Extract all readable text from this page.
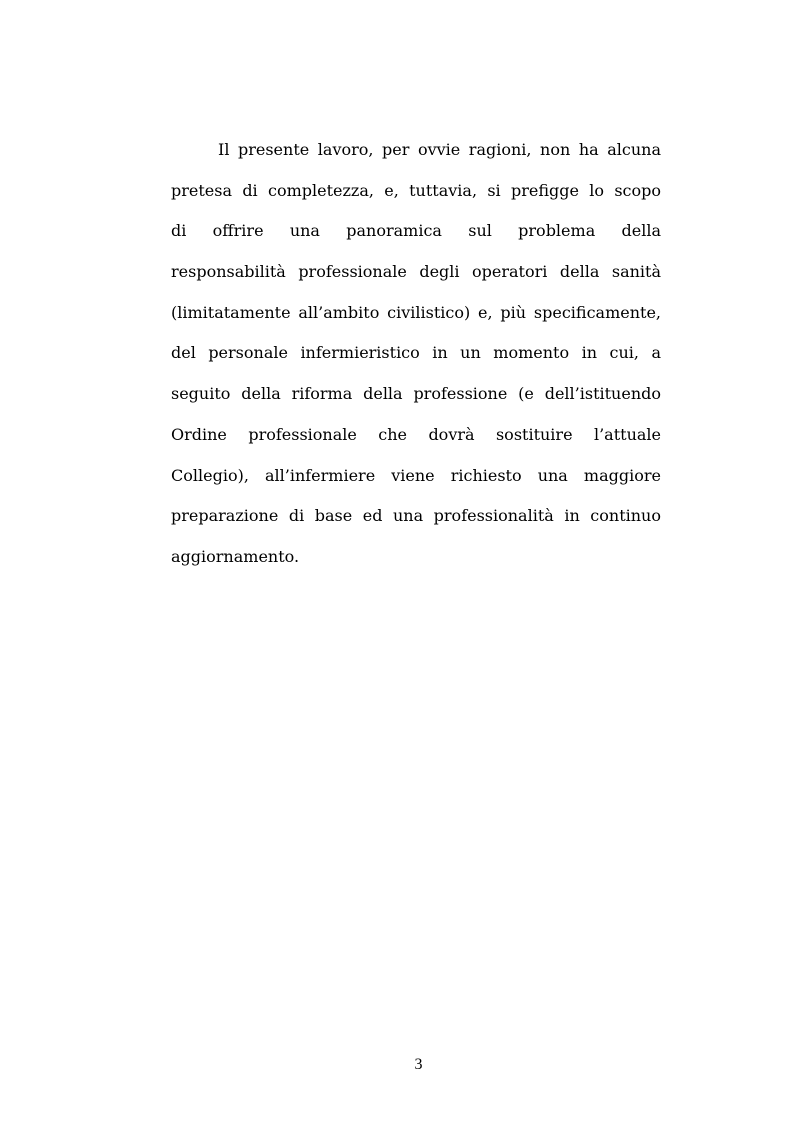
Il presente lavoro, per ovvie ragioni, non ha alcuna
pretesa di completezza, e, tuttavia, si prefigge lo scopo
di offrire una panoramica sul problema della
responsabilità professionale degli operatori della sanità
(limitatamente all’ambito civilistico) e, più specificamente,
del personale infermieristico in un momento in cui, a
seguito della riforma della professione (e dell’istituendo
Ordine professionale che dovrà sostituire l’attuale
Collegio), all’infermiere viene richiesto una maggiore
preparazione di base ed una professionalità in continuo
aggiornamento.

3
